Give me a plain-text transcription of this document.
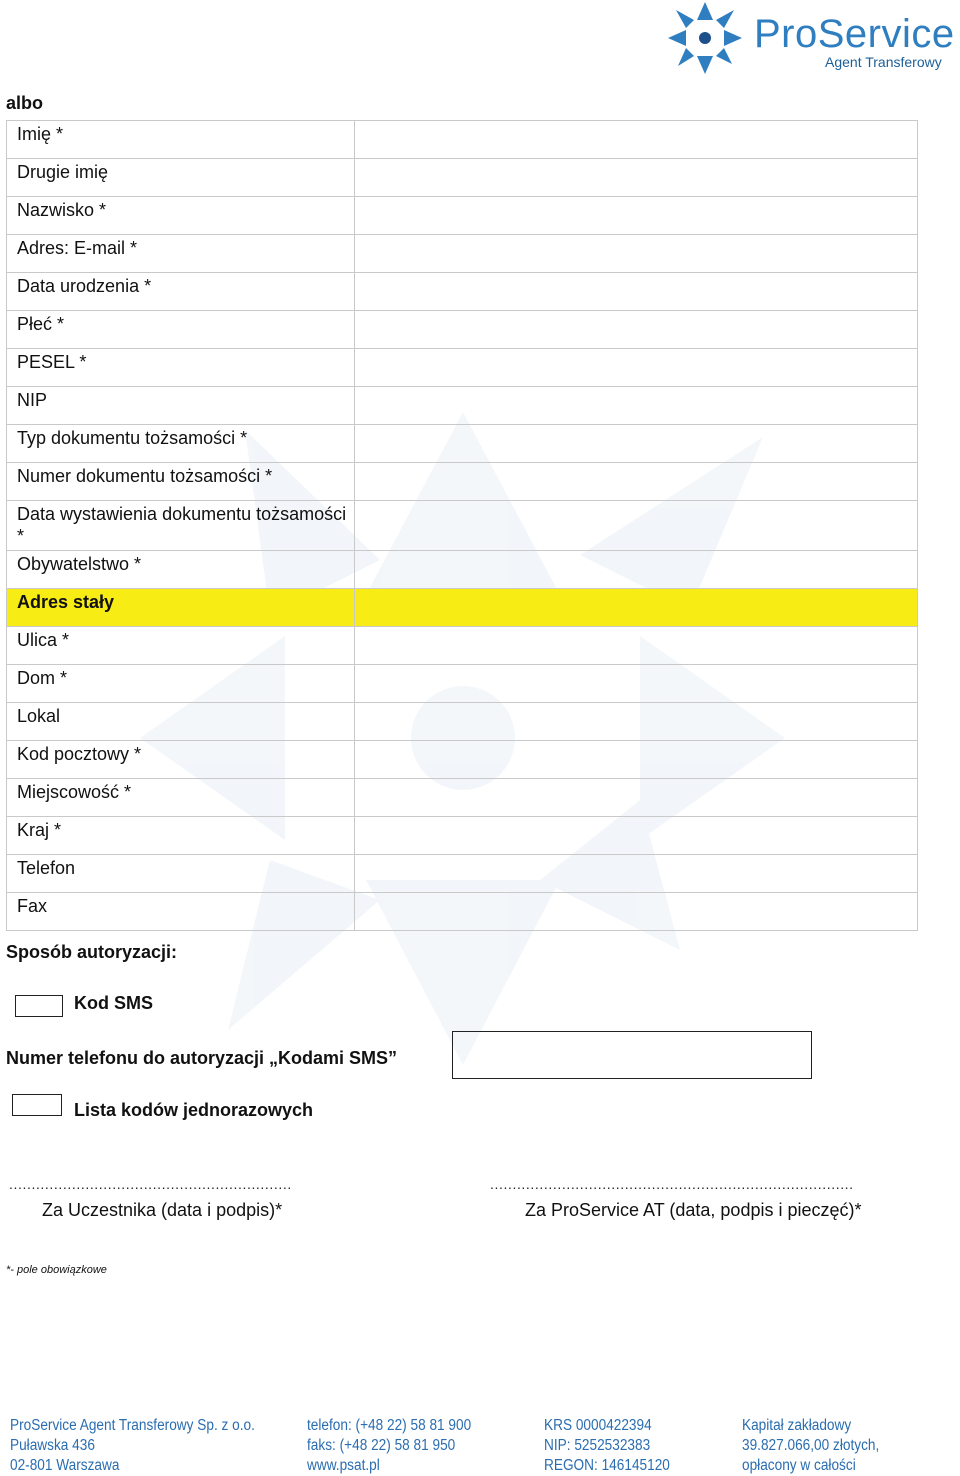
ProService
Agent Transferowy
albo
Imię *	

Drugie imię	

Nazwisko *	

Adres: E-mail *	

Data urodzenia *	

Płeć *	

PESEL *	

NIP	

Typ dokumentu tożsamości *	

Numer dokumentu tożsamości *	

Data wystawienia dokumentu tożsamości *	

Obywatelstwo *	

Adres stały	

Ulica *	

Dom *	

Lokal	

Kod pocztowy *	

Miejscowość *	

Kraj *	

Telefon	

Fax	

Sposób autoryzacji:
Kod SMS
Numer telefonu do autoryzacji „Kodami SMS”
Lista kodów jednorazowych
...............................................................	.................................................................................
Za Uczestnika (data i podpis)*	Za ProService AT (data, podpis i pieczęć)*
*- pole obowiązkowe
ProService Agent Transferowy Sp. z o.o.
Puławska 436
02-801 Warszawa
telefon: (+48 22) 58 81 900
faks: (+48 22) 58 81 950
www.psat.pl
KRS 0000422394
NIP: 5252532383
REGON: 146145120
Kapitał zakładowy
39.827.066,00 złotych,
opłacony w całości
